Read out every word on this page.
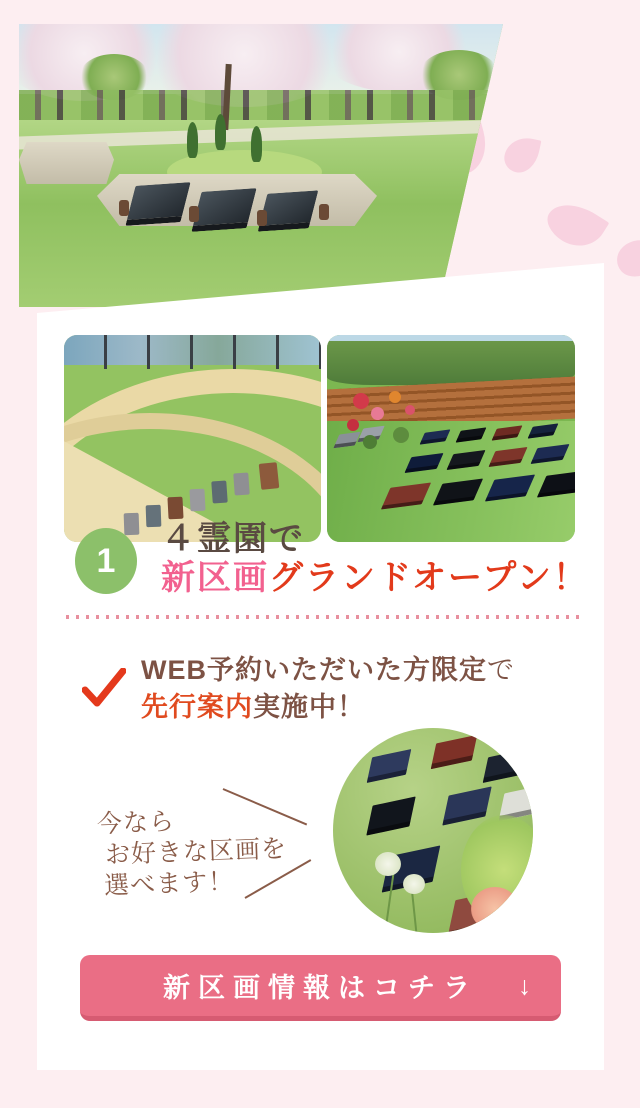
1
４霊園で
新区画グランドオープン！
WEB予約いただいた方限定で
先行案内実施中！
今なら
お好きな区画を
選べます！
新区画情報はコチラ ↓
